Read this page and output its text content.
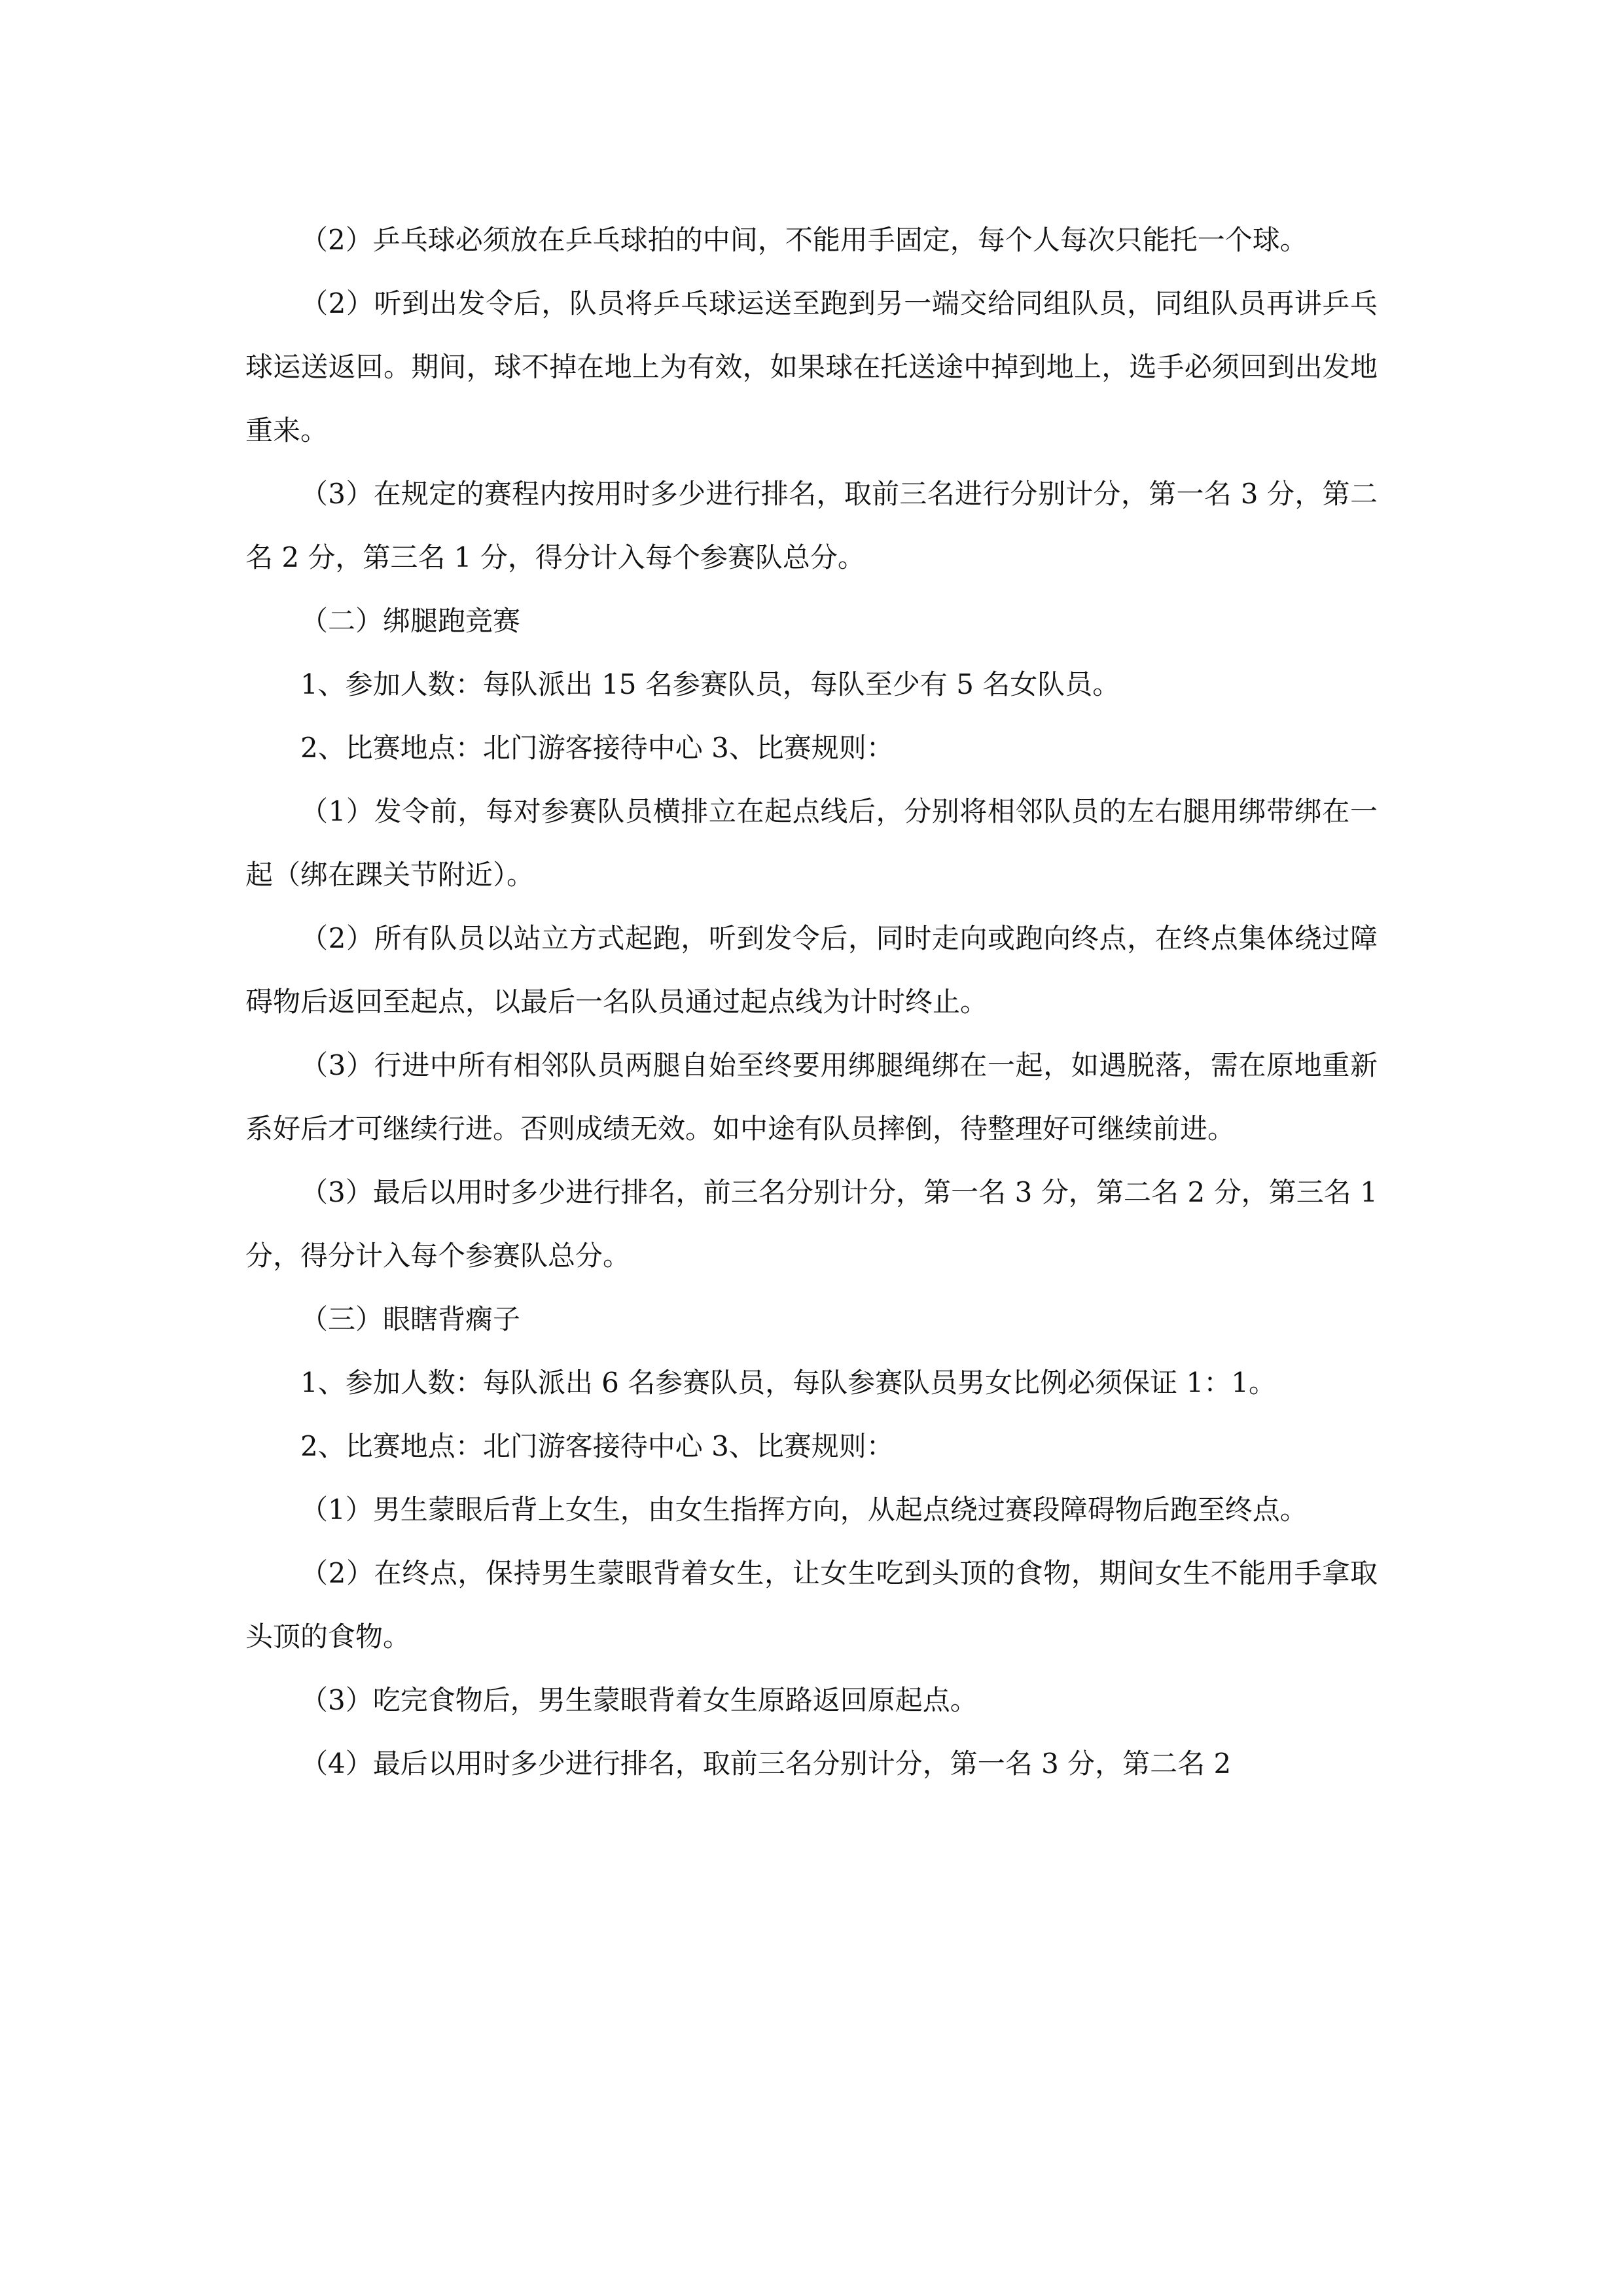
（2）乒乓球必须放在乒乓球拍的中间，不能用手固定，每个人每次只能托一个球。

（2）听到出发令后，队员将乒乓球运送至跑到另一端交给同组队员，同组队员再讲乒乓球运送返回。期间，球不掉在地上为有效，如果球在托送途中掉到地上，选手必须回到出发地重来。

（3）在规定的赛程内按用时多少进行排名，取前三名进行分别计分，第一名 3 分，第二名 2 分，第三名 1 分，得分计入每个参赛队总分。

（二）绑腿跑竞赛

1、参加人数：每队派出 15 名参赛队员，每队至少有 5 名女队员。

2、比赛地点：北门游客接待中心 3、比赛规则：

（1）发令前，每对参赛队员横排立在起点线后，分别将相邻队员的左右腿用绑带绑在一起（绑在踝关节附近）。

（2）所有队员以站立方式起跑，听到发令后，同时走向或跑向终点，在终点集体绕过障碍物后返回至起点，以最后一名队员通过起点线为计时终止。

（3）行进中所有相邻队员两腿自始至终要用绑腿绳绑在一起，如遇脱落，需在原地重新系好后才可继续行进。否则成绩无效。如中途有队员摔倒，待整理好可继续前进。

（3）最后以用时多少进行排名，前三名分别计分，第一名 3 分，第二名 2 分，第三名 1 分，得分计入每个参赛队总分。

（三）眼瞎背瘸子

1、参加人数：每队派出 6 名参赛队员，每队参赛队员男女比例必须保证 1：1。

2、比赛地点：北门游客接待中心 3、比赛规则：

（1）男生蒙眼后背上女生，由女生指挥方向，从起点绕过赛段障碍物后跑至终点。

（2）在终点，保持男生蒙眼背着女生，让女生吃到头顶的食物，期间女生不能用手拿取头顶的食物。

（3）吃完食物后，男生蒙眼背着女生原路返回原起点。

（4）最后以用时多少进行排名，取前三名分别计分，第一名 3 分，第二名 2
